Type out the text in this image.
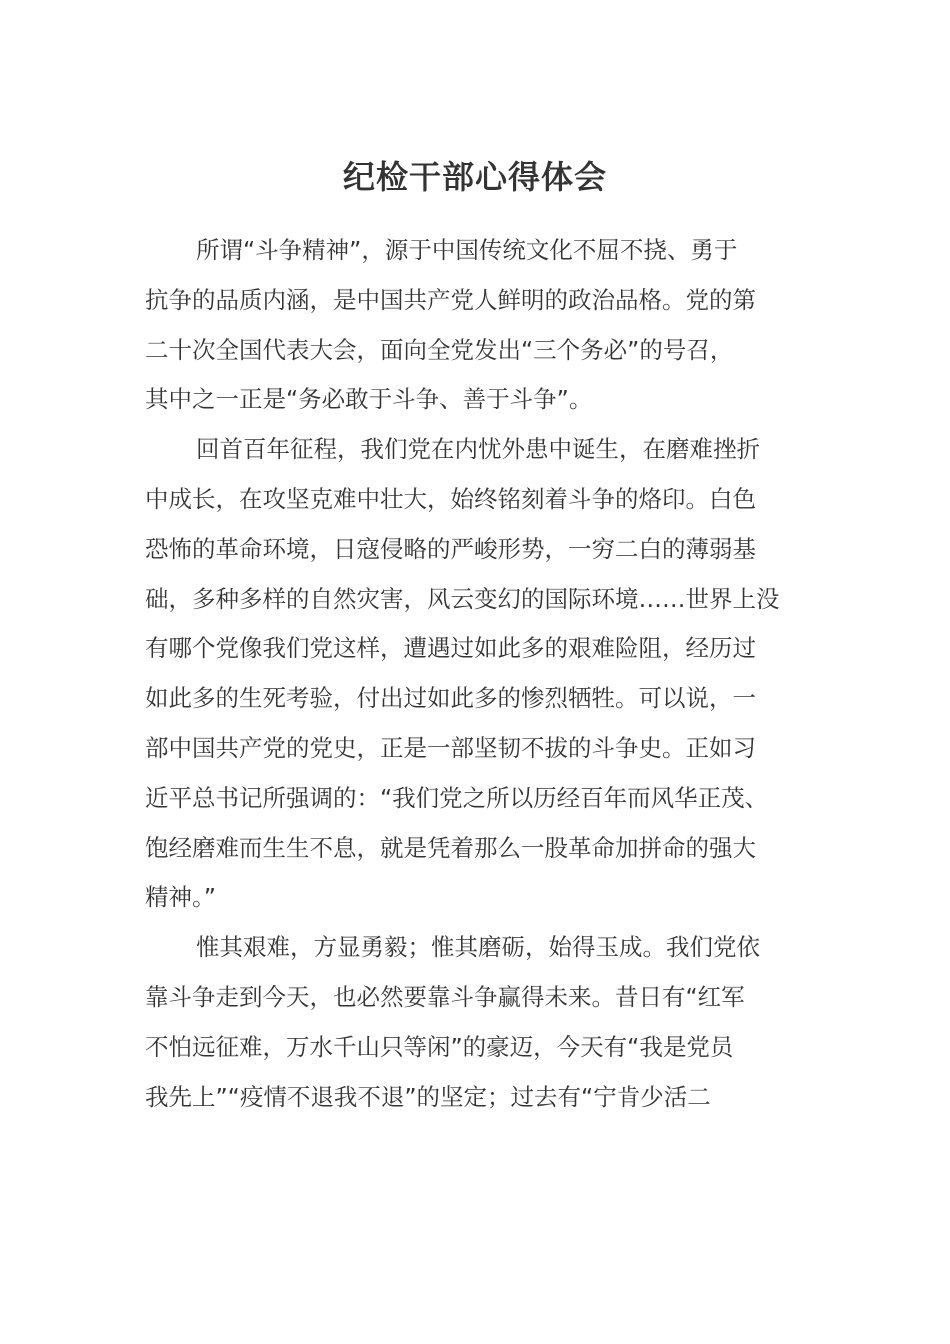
纪检干部心得体会
所谓“斗争精神”，源于中国传统文化不屈不挠、勇于
抗争的品质内涵，是中国共产党人鲜明的政治品格。党的第
二十次全国代表大会，面向全党发出“三个务必”的号召，
其中之一正是“务必敢于斗争、善于斗争”。
回首百年征程，我们党在内忧外患中诞生，在磨难挫折
中成长，在攻坚克难中壮大，始终铭刻着斗争的烙印。白色
恐怖的革命环境，日寇侵略的严峻形势，一穷二白的薄弱基
础，多种多样的自然灾害，风云变幻的国际环境……世界上没
有哪个党像我们党这样，遭遇过如此多的艰难险阻，经历过
如此多的生死考验，付出过如此多的惨烈牺牲。可以说，一
部中国共产党的党史，正是一部坚韧不拔的斗争史。正如习
近平总书记所强调的：“我们党之所以历经百年而风华正茂、
饱经磨难而生生不息，就是凭着那么一股革命加拼命的强大
精神。”
惟其艰难，方显勇毅；惟其磨砺，始得玉成。我们党依
靠斗争走到今天，也必然要靠斗争赢得未来。昔日有“红军
不怕远征难，万水千山只等闲”的豪迈，今天有“我是党员
我先上”“疫情不退我不退”的坚定；过去有“宁肯少活二
